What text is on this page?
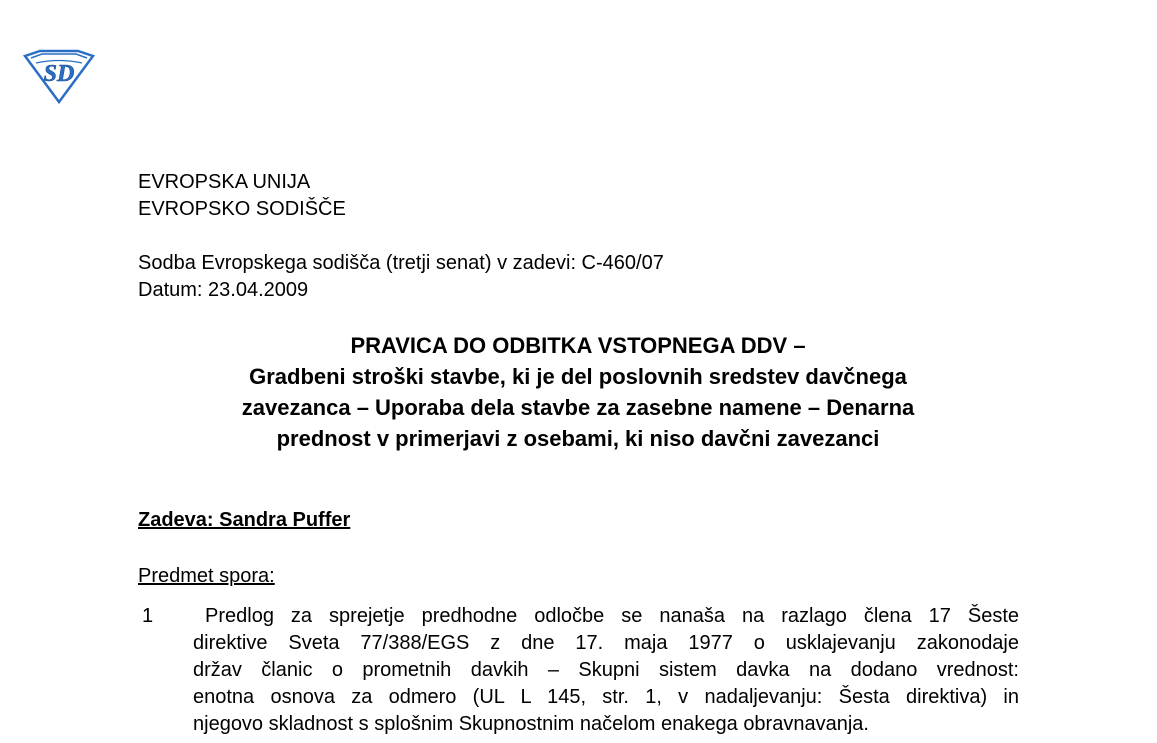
SD
EVROPSKA UNIJA
EVROPSKO SODIŠČE
Sodba Evropskega sodišča (tretji senat) v zadevi: C-460/07
Datum: 23.04.2009
PRAVICA DO ODBITKA VSTOPNEGA DDV –
Gradbeni stroški stavbe, ki je del poslovnih sredstev davčnega
zavezanca – Uporaba dela stavbe za zasebne namene – Denarna
prednost v primerjavi z osebami, ki niso davčni zavezanci
Zadeva: Sandra Puffer
Predmet spora:
1	Predlog za sprejetje predhodne odločbe se nanaša na razlago člena 17 Šeste
direktive Sveta 77/388/EGS z dne 17. maja 1977 o usklajevanju zakonodaje
držav članic o prometnih davkih – Skupni sistem davka na dodano vrednost:
enotna osnova za odmero (UL L 145, str. 1, v nadaljevanju: Šesta direktiva) in
njegovo skladnost s splošnim Skupnostnim načelom enakega obravnavanja.
